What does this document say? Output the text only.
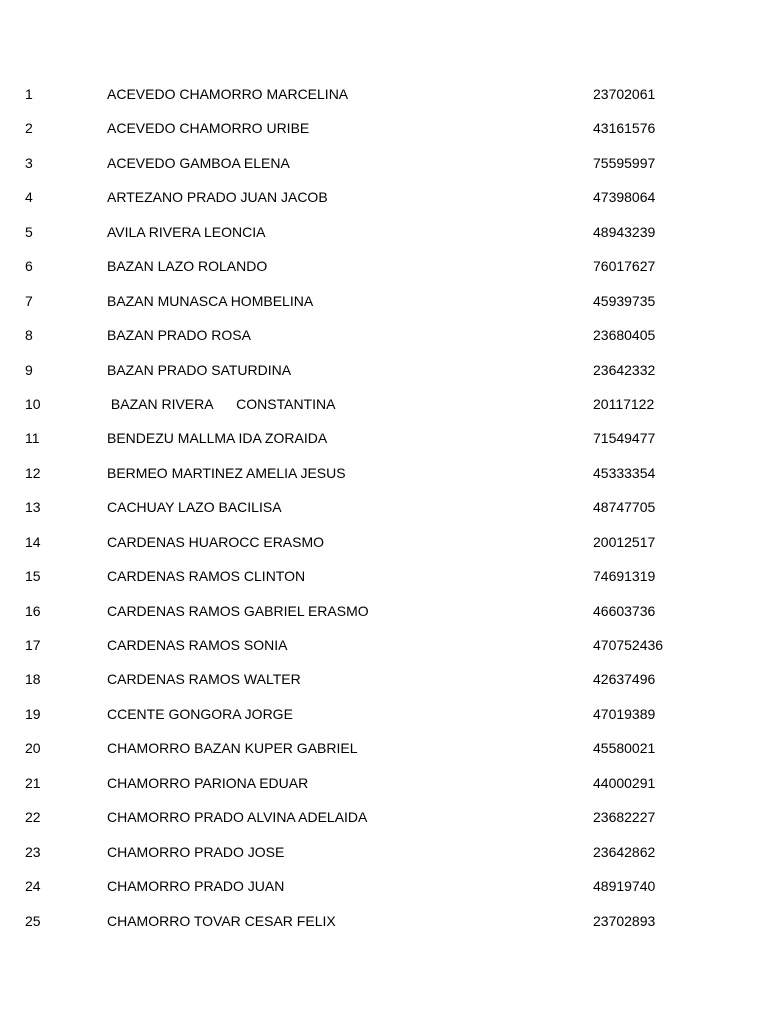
1	ACEVEDO CHAMORRO MARCELINA	23702061
2	ACEVEDO CHAMORRO URIBE	43161576
3	ACEVEDO GAMBOA ELENA	75595997
4	ARTEZANO PRADO JUAN JACOB	47398064
5	AVILA RIVERA LEONCIA	48943239
6	BAZAN LAZO ROLANDO	76017627
7	BAZAN MUNASCA HOMBELINA	45939735
8	BAZAN PRADO ROSA	23680405
9	BAZAN PRADO SATURDINA	23642332
10	BAZAN RIVERA      CONSTANTINA	20117122
11	BENDEZU MALLMA IDA ZORAIDA	71549477
12	BERMEO MARTINEZ AMELIA JESUS	45333354
13	CACHUAY LAZO BACILISA	48747705
14	CARDENAS HUAROCC ERASMO	20012517
15	CARDENAS RAMOS CLINTON	74691319
16	CARDENAS RAMOS GABRIEL ERASMO	46603736
17	CARDENAS RAMOS SONIA	470752436
18	CARDENAS RAMOS WALTER	42637496
19	CCENTE GONGORA JORGE	47019389
20	CHAMORRO BAZAN KUPER GABRIEL	45580021
21	CHAMORRO PARIONA EDUAR	44000291
22	CHAMORRO PRADO ALVINA ADELAIDA	23682227
23	CHAMORRO PRADO JOSE	23642862
24	CHAMORRO PRADO JUAN	48919740
25	CHAMORRO TOVAR CESAR FELIX	23702893
